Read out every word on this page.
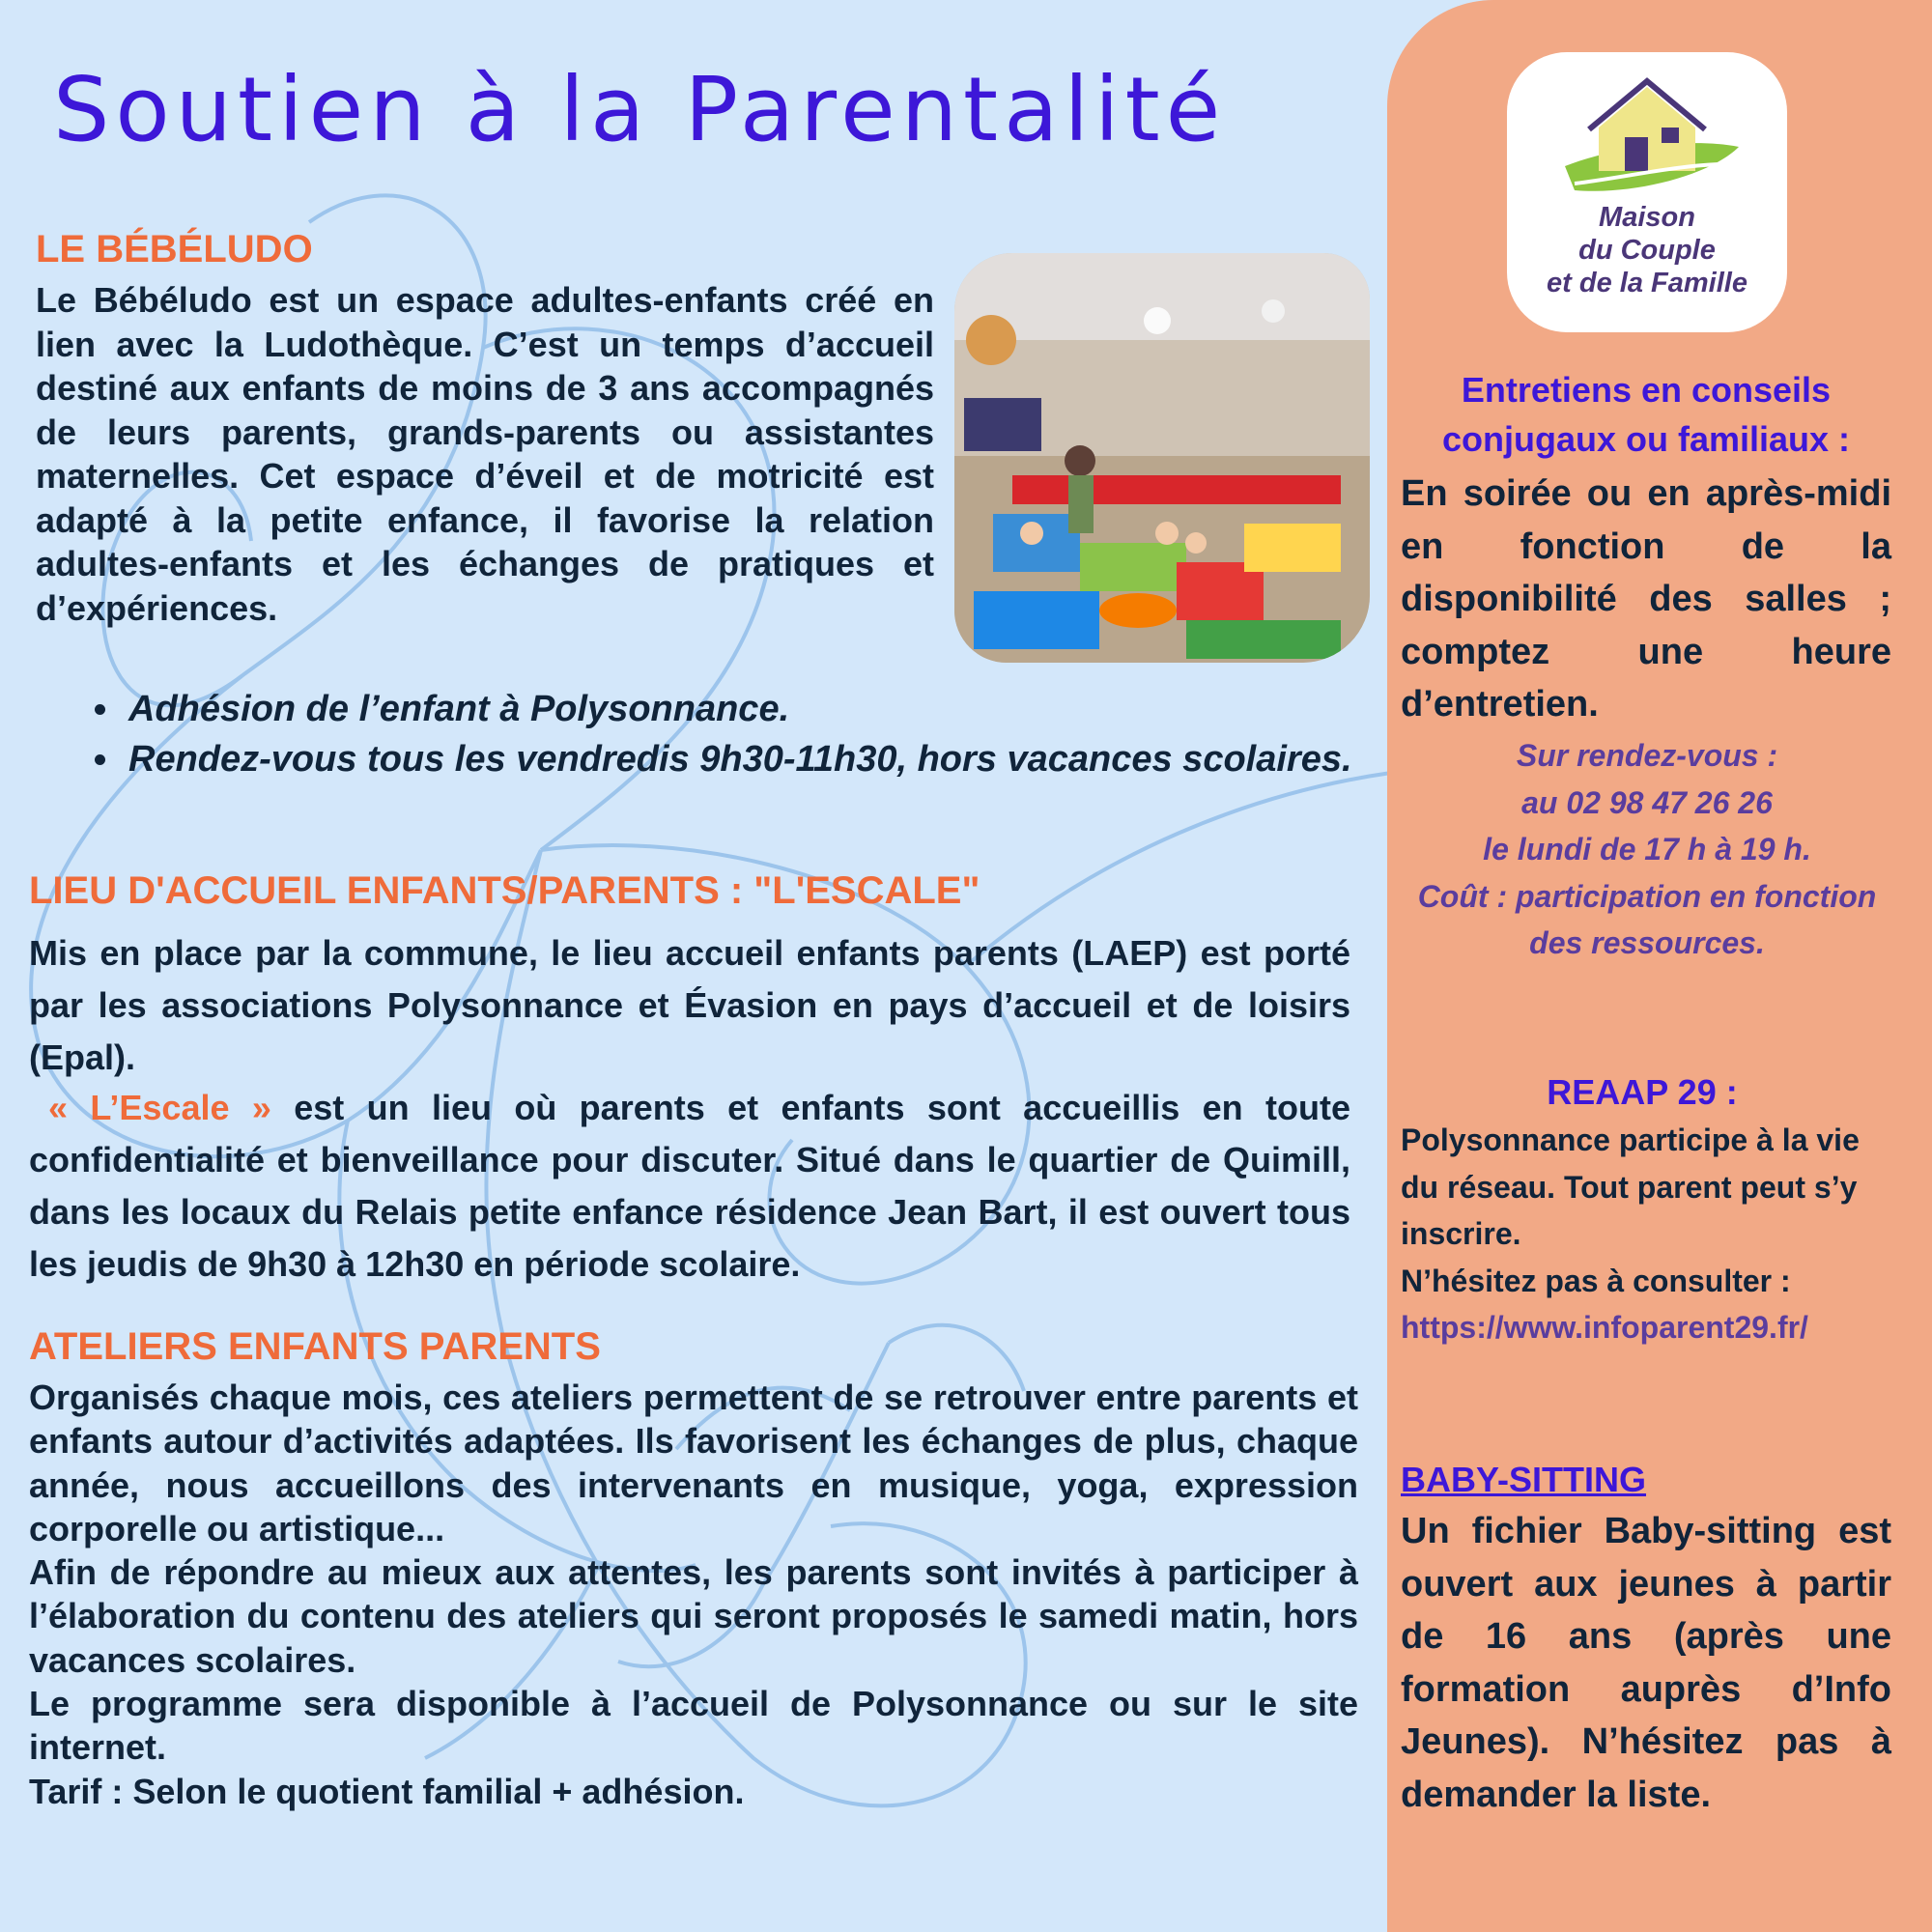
Soutien à la Parentalité
LE BÉBÉLUDO

Le Bébéludo est un espace adultes-enfants créé en lien avec la Ludothèque. C’est un temps d’accueil destiné aux enfants de moins de 3 ans accompagnés de leurs parents, grands-parents ou assistantes maternelles. Cet espace d’éveil et de motricité est adapté à la petite enfance, il favorise la relation adultes-enfants et les échanges de pratiques et d’expériences.

• Adhésion de l’enfant à Polysonnance.
• Rendez-vous tous les vendredis 9h30-11h30, hors vacances scolaires.
LIEU D'ACCUEIL ENFANTS/PARENTS : "L'ESCALE"

Mis en place par la commune, le lieu accueil enfants parents (LAEP) est porté par les associations Polysonnance et Évasion en pays d’accueil et de loisirs (Epal).

« L’Escale » est un lieu où parents et enfants sont accueillis en toute confidentialité et bienveillance pour discuter. Situé dans le quartier de Quimill, dans les locaux du Relais petite enfance résidence Jean Bart, il est ouvert tous les jeudis de 9h30 à 12h30 en période scolaire.

ATELIERS ENFANTS PARENTS

Organisés chaque mois, ces ateliers permettent de se retrouver entre parents et enfants autour d’activités adaptées. Ils favorisent les échanges de plus, chaque année, nous accueillons des intervenants en musique, yoga, expression corporelle ou artistique...

Afin de répondre au mieux aux attentes, les parents sont invités à participer à l’élaboration du contenu des ateliers qui seront proposés le samedi matin, hors vacances scolaires.

Le programme sera disponible à l’accueil de Polysonnance ou sur le site internet.

Tarif : Selon le quotient familial + adhésion.

Maison
du Couple
et de la Famille
Entretiens en conseils conjugaux ou familiaux :

En soirée ou en après-midi en fonction de la disponibilité des salles ; comptez une heure d’entretien.

Sur rendez-vous :
au 02 98 47 26 26
le lundi de 17 h à 19 h.
Coût : participation en fonction des ressources.
REAAP 29 :
Polysonnance participe à la vie du réseau. Tout parent peut s’y inscrire.
N’hésitez pas à consulter :
https://www.infoparent29.fr/
BABY-SITTING

Un fichier Baby-sitting est ouvert aux jeunes à partir de 16 ans (après une formation auprès d’Info Jeunes). N’hésitez pas à demander la liste.
